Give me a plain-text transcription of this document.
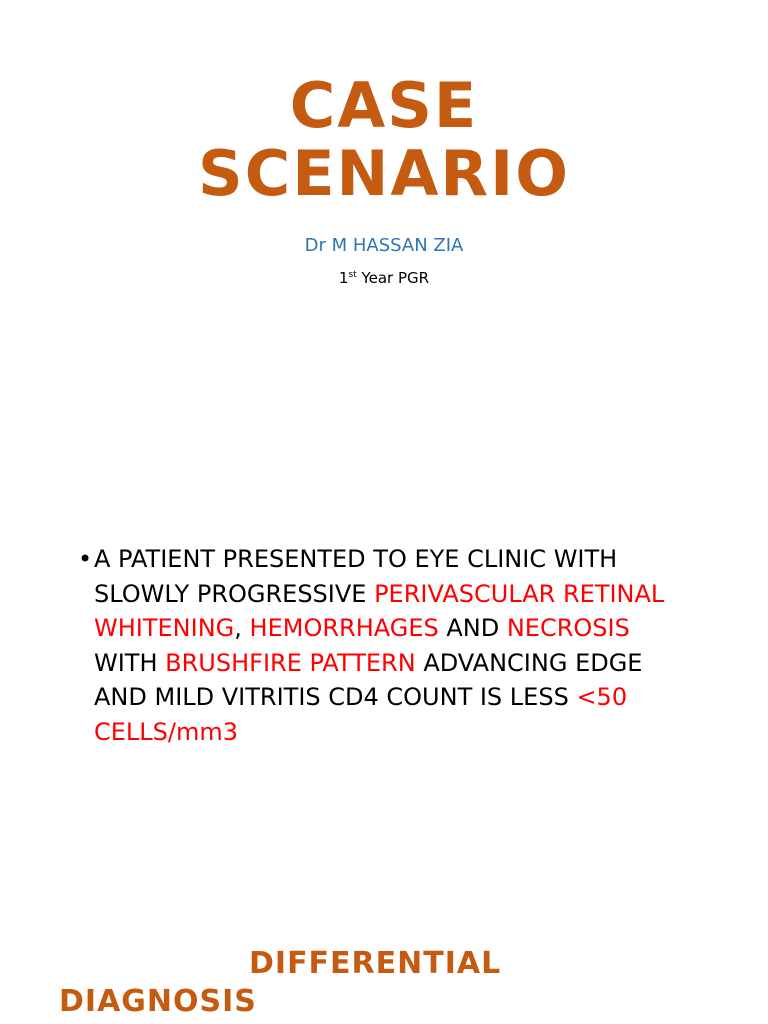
CASE
SCENARIO
Dr M HASSAN ZIA
1st Year PGR
• A PATIENT PRESENTED TO EYE CLINIC WITH SLOWLY PROGRESSIVE PERIVASCULAR RETINAL WHITENING, HEMORRHAGES AND NECROSIS WITH BRUSHFIRE PATTERN ADVANCING EDGE AND MILD VITRITIS CD4 COUNT IS LESS <50 CELLS/mm3
DIFFERENTIAL
DIAGNOSIS
